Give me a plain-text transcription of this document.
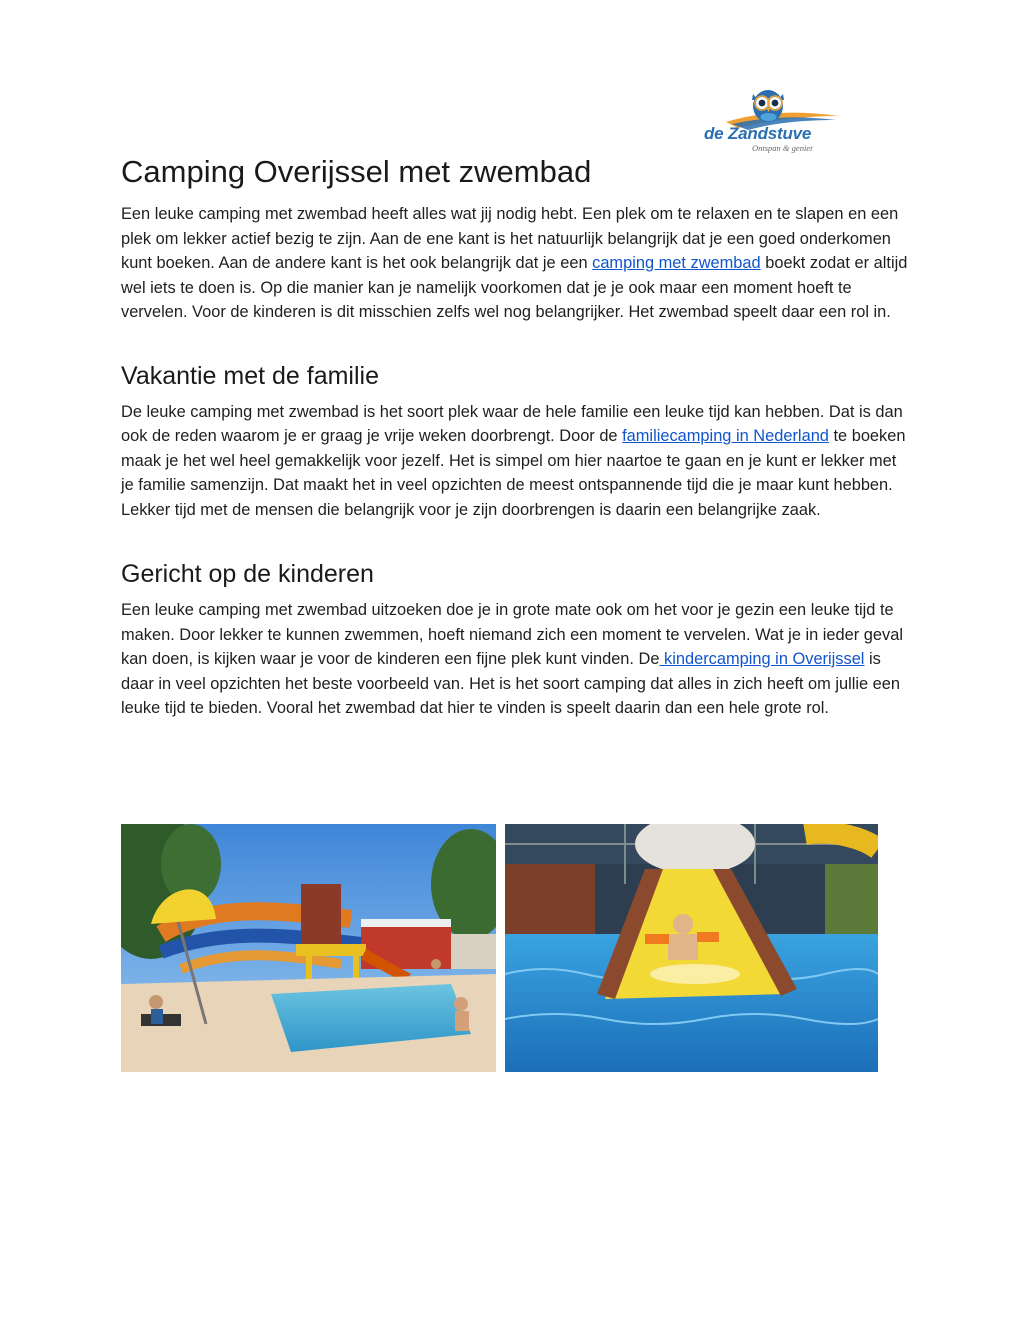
de Zandstuve
Ontspan & geniet
Camping Overijssel met zwembad

Een leuke camping met zwembad heeft alles wat jij nodig hebt. Een plek om te relaxen en te slapen en een plek om lekker actief bezig te zijn. Aan de ene kant is het natuurlijk belangrijk dat je een goed onderkomen kunt boeken. Aan de andere kant is het ook belangrijk dat je een camping met zwembad boekt zodat er altijd wel iets te doen is. Op die manier kan je namelijk voorkomen dat je je ook maar een moment hoeft te vervelen. Voor de kinderen is dit misschien zelfs wel nog belangrijker. Het zwembad speelt daar een rol in.

Vakantie met de familie

De leuke camping met zwembad is het soort plek waar de hele familie een leuke tijd kan hebben. Dat is dan ook de reden waarom je er graag je vrije weken doorbrengt. Door de familiecamping in Nederland te boeken maak je het wel heel gemakkelijk voor jezelf. Het is simpel om hier naartoe te gaan en je kunt er lekker met je familie samenzijn. Dat maakt het in veel opzichten de meest ontspannende tijd die je maar kunt hebben. Lekker tijd met de mensen die belangrijk voor je zijn doorbrengen is daarin een belangrijke zaak.

Gericht op de kinderen

Een leuke camping met zwembad uitzoeken doe je in grote mate ook om het voor je gezin een leuke tijd te maken. Door lekker te kunnen zwemmen, hoeft niemand zich een moment te vervelen. Wat je in ieder geval kan doen, is kijken waar je voor de kinderen een fijne plek kunt vinden. De kindercamping in Overijssel is daar in veel opzichten het beste voorbeeld van. Het is het soort camping dat alles in zich heeft om jullie een leuke tijd te bieden. Vooral het zwembad dat hier te vinden is speelt daarin dan een hele grote rol.
